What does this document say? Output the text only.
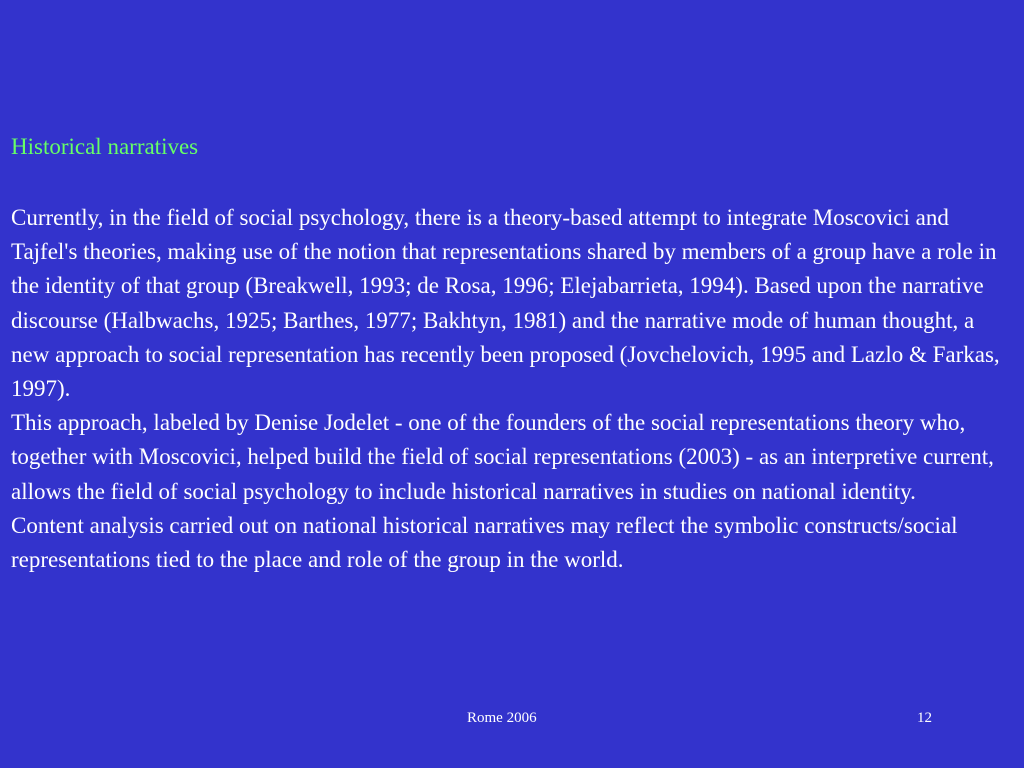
Historical narratives

Currently, in the field of social psychology, there is a theory-based attempt to integrate Moscovici and Tajfel's theories, making use of the notion that representations shared by members of a group have a role in the identity of that group (Breakwell, 1993; de Rosa, 1996; Elejabarrieta, 1994). Based upon the narrative discourse (Halbwachs, 1925; Barthes, 1977; Bakhtyn, 1981) and the narrative mode of human thought, a new approach to social representation has recently been proposed (Jovchelovich, 1995 and Lazlo & Farkas, 1997).

This approach, labeled by Denise Jodelet - one of the founders of the social representations theory who, together with Moscovici, helped build the field of social representations (2003) - as an interpretive current, allows the field of social psychology to include historical narratives in studies on national identity.

Content analysis carried out on national historical narratives may reflect the symbolic constructs/social representations tied to the place and role of the group in the world.

Rome 2006	12
